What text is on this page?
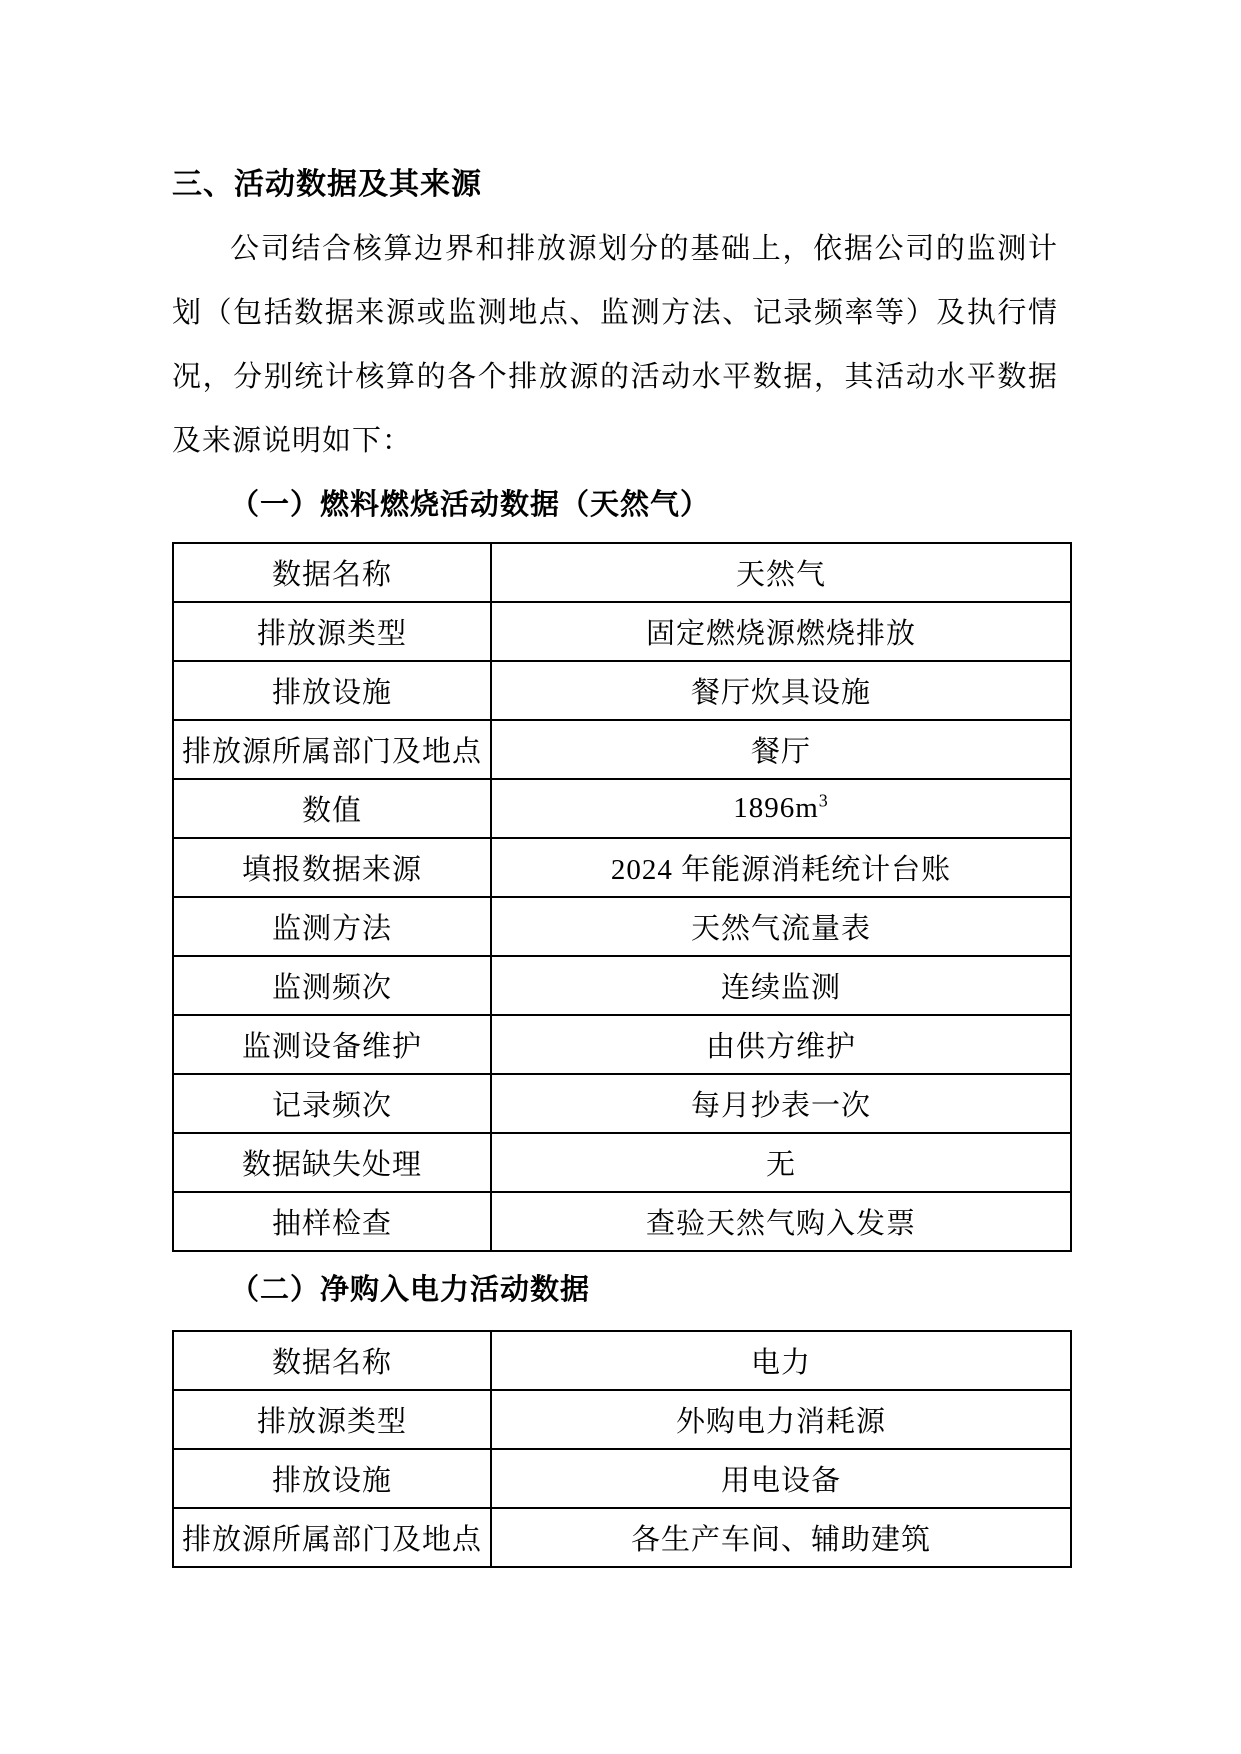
三、活动数据及其来源

公司结合核算边界和排放源划分的基础上，依据公司的监测计划（包括数据来源或监测地点、监测方法、记录频率等）及执行情况，分别统计核算的各个排放源的活动水平数据，其活动水平数据及来源说明如下：

（一）燃料燃烧活动数据（天然气）
数据名称	天然气
排放源类型	固定燃烧源燃烧排放
排放设施	餐厅炊具设施
排放源所属部门及地点	餐厅
数值	$1896m^3$
填报数据来源	2024 年能源消耗统计台账
监测方法	天然气流量表
监测频次	连续监测
监测设备维护	由供方维护
记录频次	每月抄表一次
数据缺失处理	无
抽样检查	查验天然气购入发票
（二）净购入电力活动数据
数据名称	电力
排放源类型	外购电力消耗源
排放设施	用电设备
排放源所属部门及地点	各生产车间、辅助建筑
